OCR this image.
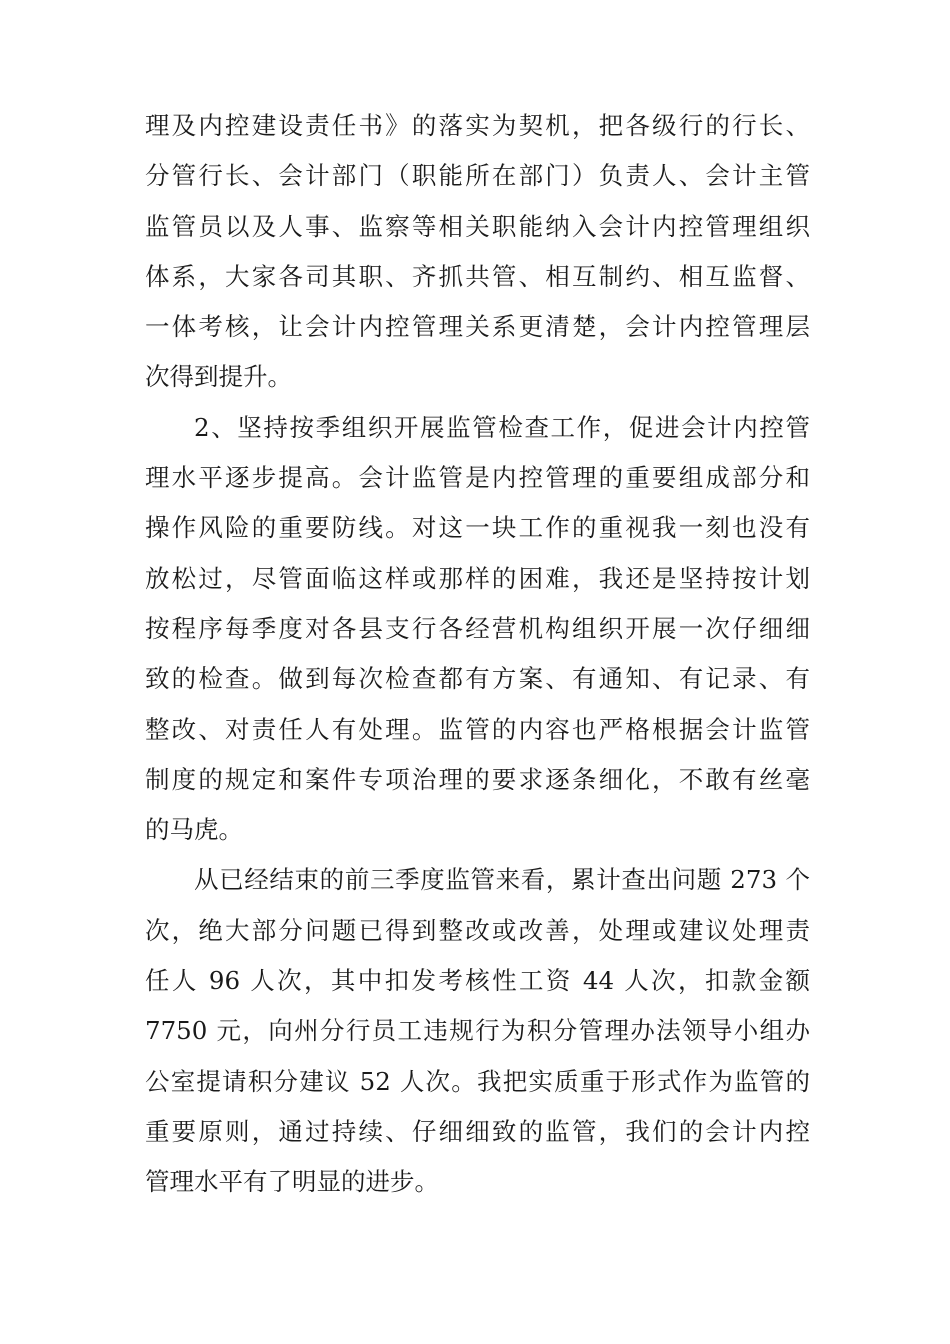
理及内控建设责任书》的落实为契机，把各级行的行长、
分管行长、会计部门（职能所在部门）负责人、会计主管
监管员以及人事、监察等相关职能纳入会计内控管理组织
体系，大家各司其职、齐抓共管、相互制约、相互监督、
一体考核，让会计内控管理关系更清楚，会计内控管理层
次得到提升。
2、坚持按季组织开展监管检查工作，促进会计内控管
理水平逐步提高。会计监管是内控管理的重要组成部分和
操作风险的重要防线。对这一块工作的重视我一刻也没有
放松过，尽管面临这样或那样的困难，我还是坚持按计划
按程序每季度对各县支行各经营机构组织开展一次仔细细
致的检查。做到每次检查都有方案、有通知、有记录、有
整改、对责任人有处理。监管的内容也严格根据会计监管
制度的规定和案件专项治理的要求逐条细化，不敢有丝毫
的马虎。
从已经结束的前三季度监管来看，累计查出问题 273 个
次，绝大部分问题已得到整改或改善，处理或建议处理责
任人 96 人次，其中扣发考核性工资 44 人次，扣款金额
7750 元，向州分行员工违规行为积分管理办法领导小组办
公室提请积分建议 52 人次。我把实质重于形式作为监管的
重要原则，通过持续、仔细细致的监管，我们的会计内控
管理水平有了明显的进步。
